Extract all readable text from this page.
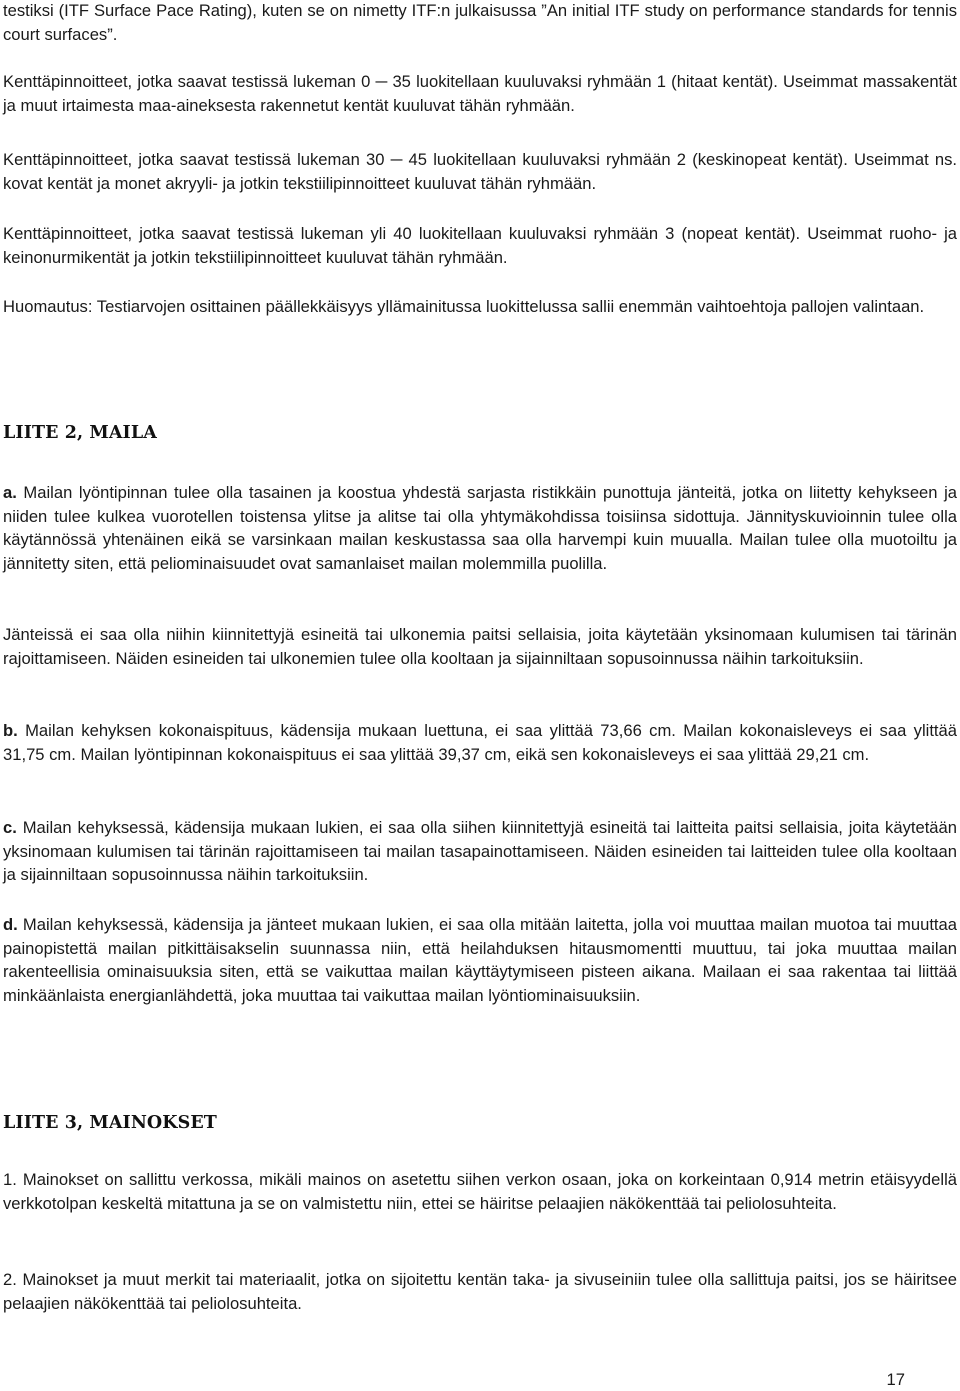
testiksi (ITF Surface Pace Rating), kuten se on nimetty ITF:n julkaisussa ”An initial ITF study on performance standards for tennis court surfaces”.

Kenttäpinnoitteet, jotka saavat testissä lukeman 0 ─ 35 luokitellaan kuuluvaksi ryhmään 1 (hitaat kentät). Useimmat massakentät ja muut irtaimesta maa-aineksesta rakennetut kentät kuuluvat tähän ryhmään.

Kenttäpinnoitteet, jotka saavat testissä lukeman 30 ─ 45 luokitellaan kuuluvaksi ryhmään 2 (keskinopeat kentät). Useimmat ns. kovat kentät ja monet akryyli- ja jotkin tekstiilipinnoitteet kuuluvat tähän ryhmään.

Kenttäpinnoitteet, jotka saavat testissä lukeman yli 40 luokitellaan kuuluvaksi ryhmään 3 (nopeat kentät). Useimmat ruoho- ja keinonurmikentät ja jotkin tekstiilipinnoitteet kuuluvat tähän ryhmään.

Huomautus: Testiarvojen osittainen päällekkäisyys yllämainitussa luokittelussa sallii enemmän vaihtoehtoja pallojen valintaan.

LIITE 2, MAILA

a. Mailan lyöntipinnan tulee olla tasainen ja koostua yhdestä sarjasta ristikkäin punottuja jänteitä, jotka on liitetty kehykseen ja niiden tulee kulkea vuorotellen toistensa ylitse ja alitse tai olla yhtymäkohdissa toisiinsa sidottuja. Jännityskuvioinnin tulee olla käytännössä yhtenäinen eikä se varsinkaan mailan keskustassa saa olla harvempi kuin muualla. Mailan tulee olla muotoiltu ja jännitetty siten, että peliominaisuudet ovat samanlaiset mailan molemmilla puolilla.

Jänteissä ei saa olla niihin kiinnitettyjä esineitä tai ulkonemia paitsi sellaisia, joita käytetään yksinomaan kulumisen tai tärinän rajoittamiseen. Näiden esineiden tai ulkonemien tulee olla kooltaan ja sijainniltaan sopusoinnussa näihin tarkoituksiin.

b. Mailan kehyksen kokonaispituus, kädensija mukaan luettuna, ei saa ylittää 73,66 cm. Mailan kokonaisleveys ei saa ylittää 31,75 cm. Mailan lyöntipinnan kokonaispituus ei saa ylittää 39,37 cm, eikä sen kokonaisleveys ei saa ylittää 29,21 cm.

c. Mailan kehyksessä, kädensija mukaan lukien, ei saa olla siihen kiinnitettyjä esineitä tai laitteita paitsi sellaisia, joita käytetään yksinomaan kulumisen tai tärinän rajoittamiseen tai mailan tasapainottamiseen. Näiden esineiden tai laitteiden tulee olla kooltaan ja sijainniltaan sopusoinnussa näihin tarkoituksiin.

d. Mailan kehyksessä, kädensija ja jänteet mukaan lukien, ei saa olla mitään laitetta, jolla voi muuttaa mailan muotoa tai muuttaa painopistettä mailan pitkittäisakselin suunnassa niin, että heilahduksen hitausmomentti muuttuu, tai joka muuttaa mailan rakenteellisia ominaisuuksia siten, että se vaikuttaa mailan käyttäytymiseen pisteen aikana. Mailaan ei saa rakentaa tai liittää minkäänlaista energianlähdettä, joka muuttaa tai vaikuttaa mailan lyöntiominaisuuksiin.

LIITE 3, MAINOKSET

1. Mainokset on sallittu verkossa, mikäli mainos on asetettu siihen verkon osaan, joka on korkeintaan 0,914 metrin etäisyydellä verkkotolpan keskeltä mitattuna ja se on valmistettu niin, ettei se häiritse pelaajien näkökenttää tai peliolosuhteita.

2. Mainokset ja muut merkit tai materiaalit, jotka on sijoitettu kentän taka- ja sivuseiniin tulee olla sallittuja paitsi, jos se häiritsee pelaajien näkökenttää tai peliolosuhteita.

17
